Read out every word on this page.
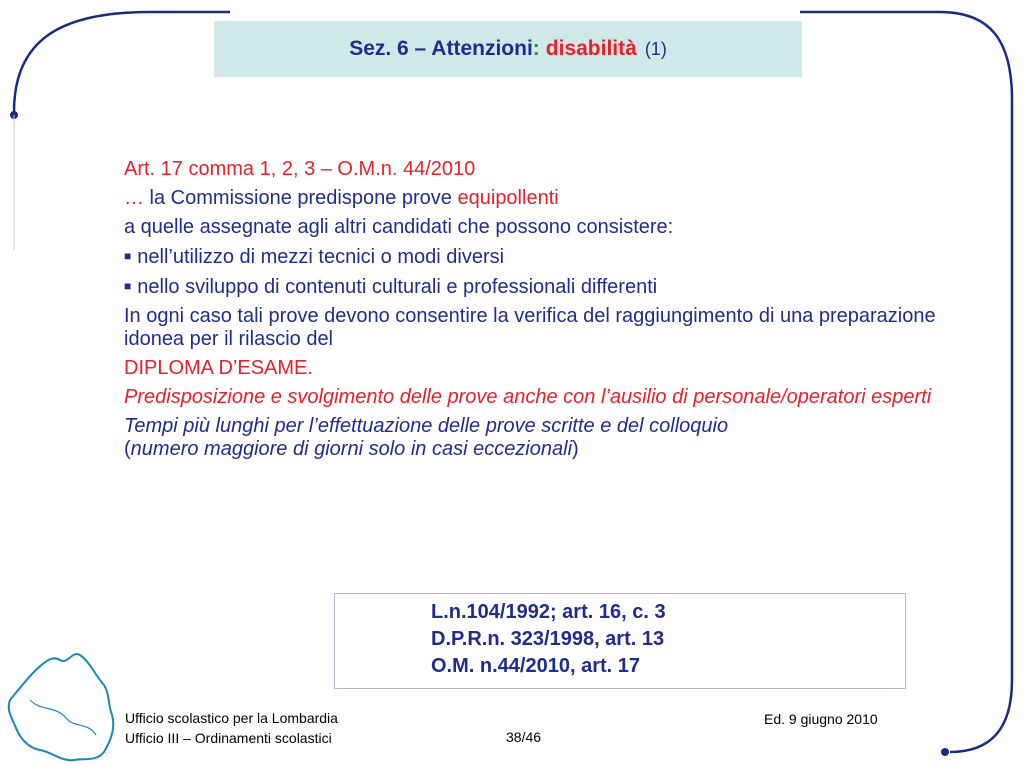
Sez. 6 – Attenzioni : disabilità (1)

Art. 17 comma 1, 2, 3 – O.M.n. 44/2010

… la Commissione predispone prove equipollenti

a quelle assegnate agli altri candidati che possono consistere:

■ nell’utilizzo di mezzi tecnici o modi diversi

■ nello sviluppo di contenuti culturali e professionali differenti

In ogni caso tali prove devono consentire la verifica del raggiungimento di una preparazione idonea per il rilascio del

DIPLOMA D’ESAME.

Predisposizione e svolgimento delle prove anche con l’ausilio di personale/operatori esperti

Tempi più lunghi per l’effettuazione delle prove scritte e del colloquio

(numero maggiore di giorni solo in casi eccezionali)

L.n.104/1992; art. 16, c. 3
D.P.R.n. 323/1998, art. 13
O.M. n.44/2010, art. 17
Ufficio scolastico per la Lombardia
Ufficio III – Ordinamenti scolastici	38/46
Ed. 9 giugno 2010
